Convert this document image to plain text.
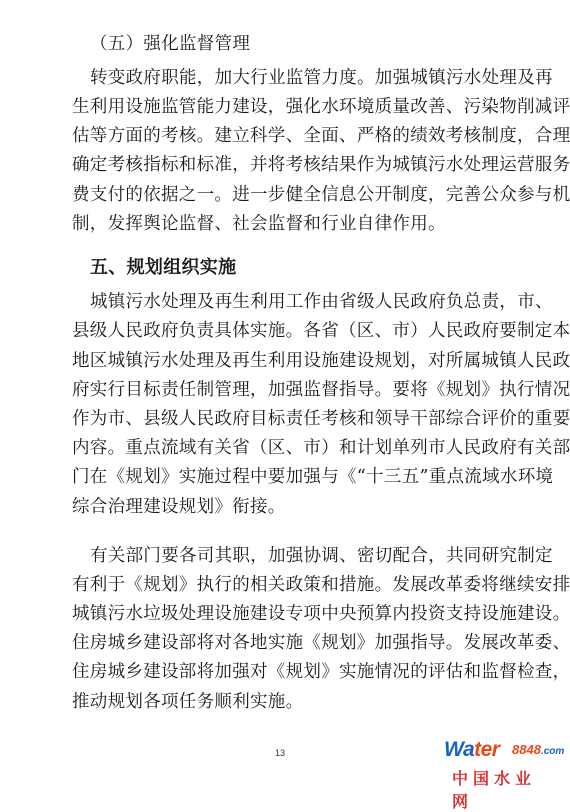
（五）强化监督管理
转变政府职能，加大行业监管力度。加强城镇污水处理及再
生利用设施监管能力建设，强化水环境质量改善、污染物削减评
估等方面的考核。建立科学、全面、严格的绩效考核制度，合理
确定考核指标和标准，并将考核结果作为城镇污水处理运营服务
费支付的依据之一。进一步健全信息公开制度，完善公众参与机
制，发挥舆论监督、社会监督和行业自律作用。
五、规划组织实施
城镇污水处理及再生利用工作由省级人民政府负总责，市、
县级人民政府负责具体实施。各省（区、市）人民政府要制定本
地区城镇污水处理及再生利用设施建设规划，对所属城镇人民政
府实行目标责任制管理，加强监督指导。要将《规划》执行情况
作为市、县级人民政府目标责任考核和领导干部综合评价的重要
内容。重点流域有关省（区、市）和计划单列市人民政府有关部
门在《规划》实施过程中要加强与《“十三五”重点流域水环境
综合治理建设规划》衔接。
有关部门要各司其职，加强协调、密切配合，共同研究制定
有利于《规划》执行的相关政策和措施。发展改革委将继续安排
城镇污水垃圾处理设施建设专项中央预算内投资支持设施建设。
住房城乡建设部将对各地实施《规划》加强指导。发展改革委、
住房城乡建设部将加强对《规划》实施情况的评估和监督检查，
推动规划各项任务顺利实施。
13	Water 8848.com
中国水业网
